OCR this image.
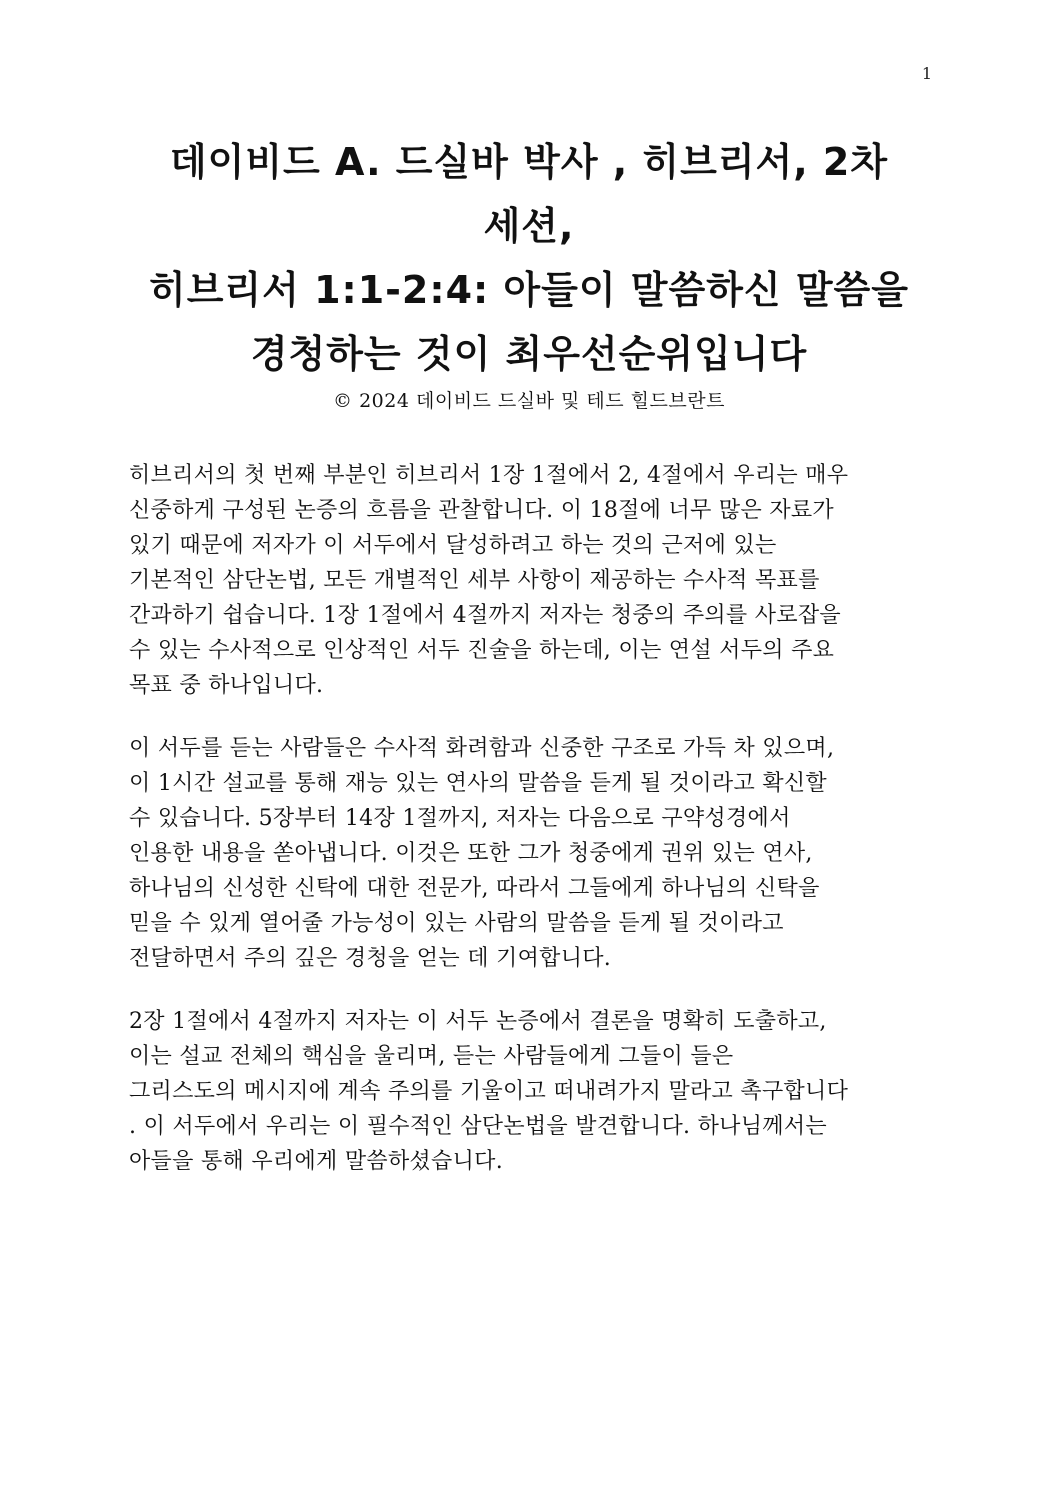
1
데이비드 A. 드실바 박사 , 히브리서, 2차
세션,
히브리서 1:1-2:4: 아들이 말씀하신 말씀을
경청하는 것이 최우선순위입니다
© 2024 데이비드 드실바 및 테드 힐드브란트
히브리서의 첫 번째 부분인 히브리서 1장 1절에서 2, 4절에서 우리는 매우
신중하게 구성된 논증의 흐름을 관찰합니다. 이 18절에 너무 많은 자료가
있기 때문에 저자가 이 서두에서 달성하려고 하는 것의 근저에 있는
기본적인 삼단논법, 모든 개별적인 세부 사항이 제공하는 수사적 목표를
간과하기 쉽습니다. 1장 1절에서 4절까지 저자는 청중의 주의를 사로잡을
수 있는 수사적으로 인상적인 서두 진술을 하는데, 이는 연설 서두의 주요
목표 중 하나입니다.
이 서두를 듣는 사람들은 수사적 화려함과 신중한 구조로 가득 차 있으며,
이 1시간 설교를 통해 재능 있는 연사의 말씀을 듣게 될 것이라고 확신할
수 있습니다. 5장부터 14장 1절까지, 저자는 다음으로 구약성경에서
인용한 내용을 쏟아냅니다. 이것은 또한 그가 청중에게 권위 있는 연사,
하나님의 신성한 신탁에 대한 전문가, 따라서 그들에게 하나님의 신탁을
믿을 수 있게 열어줄 가능성이 있는 사람의 말씀을 듣게 될 것이라고
전달하면서 주의 깊은 경청을 얻는 데 기여합니다.
2장 1절에서 4절까지 저자는 이 서두 논증에서 결론을 명확히 도출하고,
이는 설교 전체의 핵심을 울리며, 듣는 사람들에게 그들이 들은
그리스도의 메시지에 계속 주의를 기울이고 떠내려가지 말라고 촉구합니다
. 이 서두에서 우리는 이 필수적인 삼단논법을 발견합니다. 하나님께서는
아들을 통해 우리에게 말씀하셨습니다.
